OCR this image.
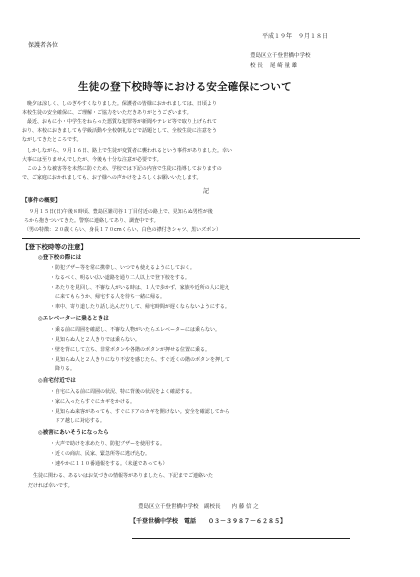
平成１９年　９月１８日
保護者各位
豊島区立千登世橋中学校
校 長　 尾 崎 量 雄
生徒の登下校時等における安全確保について
　晩夕は涼しく、しのぎやすくなりました。保護者の皆様におかれましては、日頃より
本校生徒の安全確保に、ご理解・ご協力をいただきありがとうございます。
　最近、おもに小・中学生をねらった悪質な犯罪等が新聞やテレビ等で取り上げられて
おり、本校におきましても学級活動や全校朝礼などで話題として、全校生徒に注意をう
ながしてきたところです。
　しかしながら、９月１６日、路上で生徒が変質者に襲われるという事件がありました。幸い
大事には至りませんでしたが、今後も十分な注意が必要です。
　このような被害等を未然に防ぐため、学校では下記の内容で生徒に指導しておりますの
で、ご家庭におかれましても、お子様への声かけをよろしくお願いいたします。
記
【事件の概要】
　９月１５日(日)午後８時頃、豊島区雑司谷１丁目付近の路上で、見知らぬ男性が後
ろから抱きついてきた。警察に連絡してあり、調査中です。
（男の特徴：２０歳くらい、身長１７０cmくらい、白色の襟付きシャツ、黒いズボン）
【登下校時等の注意】
◎登下校の際には
・防犯ブザー等を常に携帯し、いつでも使えるようにしておく。
・なるべく、明るい広い道路を通り二人以上で登下校をする。
・あたりを見回し、不審な人がいる時は、１人で歩かず、家族や近所の人に迎え
　に来てもらうか、帰宅する人を待ち一緒に帰る。
・車中、寄り道したり話し込んだりして、帰宅時間が遅くならないようにする。
◎エレベーターに乗るときは
・乗る前に周囲を確認し、不審な人物がいたらエレベーターには乗らない。
・見知らぬ人と２人きりでは乗らない。
・壁を背にして立ち、非常ボタンや各階のボタンが押せる位置に乗る。
・見知らぬ人と２人きりになり不安を感じたら、すぐ近くの階のボタンを押して
　降りる。
◎自宅付近では
・自宅に入る前に周囲の状況、特に背後の状況をよく確認する。
・家に入ったらすぐにカギをかける。
・見知らぬ来客があっても、すぐにドアのカギを開けない。安全を確認してから
　ドア越しに対応する。
◎被害にあいそうになったら
・大声で助けを求めたり、防犯ブザーを使用する。
・近くの商店、民家、緊急所等に逃げ込む。
・速やかに１１０番通報をする。（未遂であっても）
　生徒に関わる、あるいはお気づきの情報等がありましたら、下記までご連絡いた
だければ幸いです。
豊島区立千登世橋中学校　副校長　　内 藤 信 之
【千登世橋中学校　電話　　０３－３９８７－６２８５】
